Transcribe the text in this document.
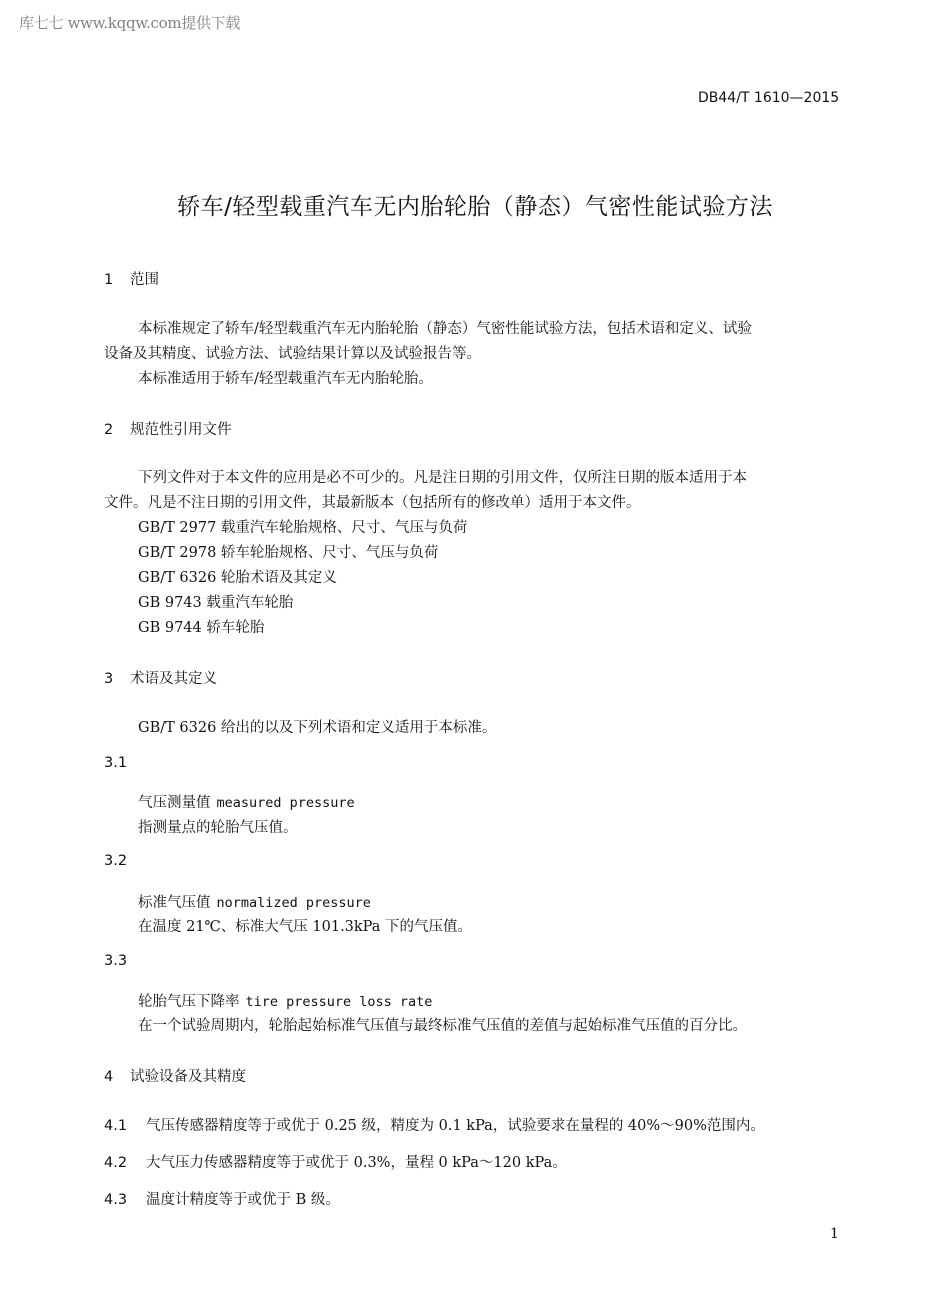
库七七 www.kqqw.com提供下载
DB44/T 1610—2015
轿车/轻型载重汽车无内胎轮胎（静态）气密性能试验方法
1 范围
本标准规定了轿车/轻型载重汽车无内胎轮胎（静态）气密性能试验方法，包括术语和定义、试验
设备及其精度、试验方法、试验结果计算以及试验报告等。
本标准适用于轿车/轻型载重汽车无内胎轮胎。
2 规范性引用文件
下列文件对于本文件的应用是必不可少的。凡是注日期的引用文件，仅所注日期的版本适用于本
文件。凡是不注日期的引用文件，其最新版本（包括所有的修改单）适用于本文件。
GB/T 2977 载重汽车轮胎规格、尺寸、气压与负荷
GB/T 2978 轿车轮胎规格、尺寸、气压与负荷
GB/T 6326 轮胎术语及其定义
GB 9743 载重汽车轮胎
GB 9744 轿车轮胎
3 术语及其定义
GB/T 6326 给出的以及下列术语和定义适用于本标准。
3.1
气压测量值 measured pressure
指测量点的轮胎气压值。
3.2
标准气压值 normalized pressure
在温度 21℃、标准大气压 101.3kPa 下的气压值。
3.3
轮胎气压下降率 tire pressure loss rate
在一个试验周期内，轮胎起始标准气压值与最终标准气压值的差值与起始标准气压值的百分比。
4 试验设备及其精度
4.1 气压传感器精度等于或优于 0.25 级，精度为 0.1 kPa，试验要求在量程的 40%～90%范围内。
4.2 大气压力传感器精度等于或优于 0.3%，量程 0 kPa～120 kPa。
4.3 温度计精度等于或优于 B 级。
1
